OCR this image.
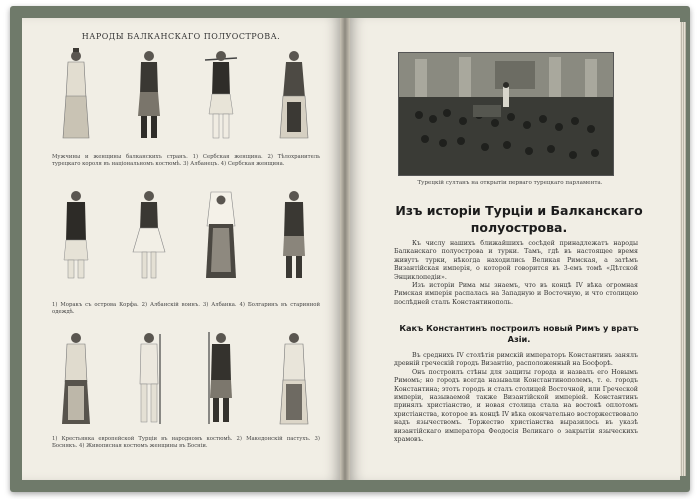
НАРОДЫ БАЛКАНСКАГО ПОЛУОСТРОВА.
Мужчины и женщины балканскихъ странъ. 1) Сербская женщина. 2) Тѣлохранитель турецкаго короля въ національномъ костюмѣ. 3) Албанецъ. 4) Сербская женщина.
1) Моракъ съ острова Корфа. 2) Албанскій воинъ. 3) Албанка. 4) Болгаринъ въ старинной одеждѣ.
1) Крестьянка европейской Турціи въ народномъ костюмѣ. 2) Македонскій пастухъ. 3) Боснякъ. 4) Живописная костюмъ женщины въ Босніи.
Турецкій султанъ на открытіи перваго турецкаго парламента.
Изъ исторіи Турціи и Балканскаго полуострова.

Къ числу нашихъ ближайшихъ сосѣдей принадлежатъ народы Балканскаго полуострова и турки. Тамъ, гдѣ въ настоящее время живутъ турки, нѣкогда находились Великая Римская, а затѣмъ Византійская имперія, о которой говорится въ 3-емъ томѣ «Дѣтской Энциклопедіи».

Изъ исторіи Рима мы знаемъ, что въ концѣ IV вѣка огромная Римская имперія распалась на Западную и Восточную, и что столицею послѣдней сталъ Константинополь.

Какъ Константинъ построилъ новый Римъ у вратъ Азіи.

Въ среднихъ IV столѣтія римскій императоръ Константинъ занялъ древній греческій городъ Византію, расположенный на Босфорѣ.

Онъ построилъ стѣны для защиты города и назвалъ его Новымъ Римомъ; но городъ всегда называли Константинополемъ, т. е. городъ Константина; этотъ городъ и сталъ столицей Восточной, или Греческой имперіи, называемой также Византійской имперіей. Константинъ принялъ христіанство, и новая столица стала на востокѣ оплотомъ христіанства, которое въ концѣ IV вѣка окончательно восторжествовало надъ язычествомъ. Торжество христіанства выразилось въ указѣ византійскаго императора Феодосія Великаго о закрытіи языческихъ храмовъ.
